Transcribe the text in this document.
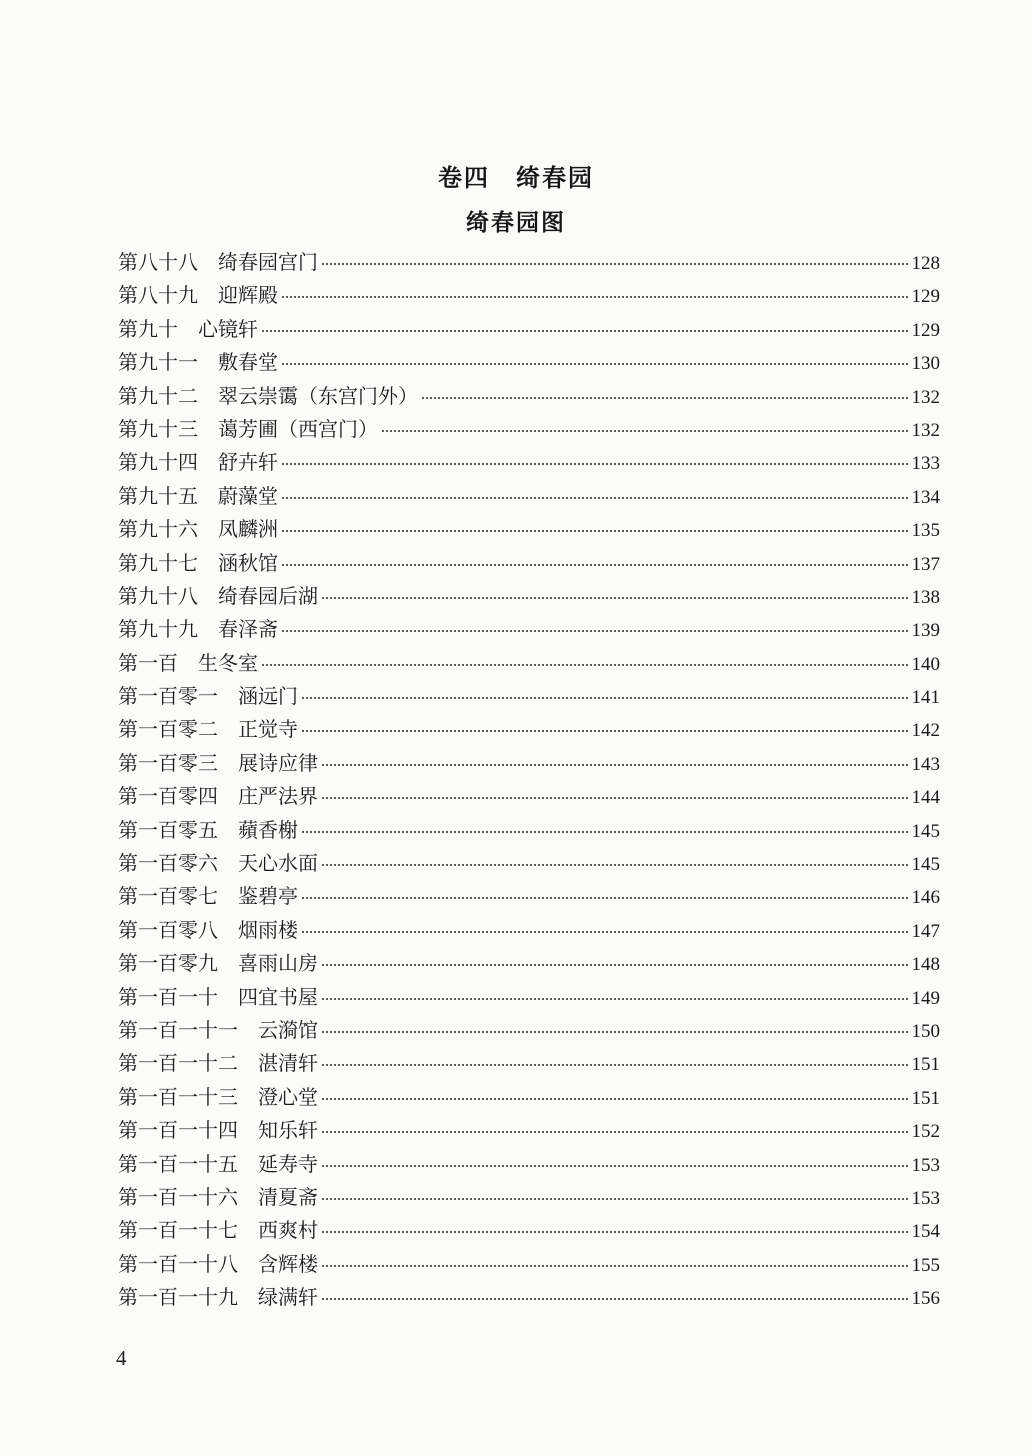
卷四 绮春园
绮春园图
第八十八 绮春园宫门	128
第八十九 迎辉殿	129
第九十 心镜轩	129
第九十一 敷春堂	130
第九十二 翠云崇霭（东宫门外）	132
第九十三 蔼芳圃（西宫门）	132
第九十四 舒卉轩	133
第九十五 蔚藻堂	134
第九十六 凤麟洲	135
第九十七 涵秋馆	137
第九十八 绮春园后湖	138
第九十九 春泽斋	139
第一百 生冬室	140
第一百零一 涵远门	141
第一百零二 正觉寺	142
第一百零三 展诗应律	143
第一百零四 庄严法界	144
第一百零五 蘋香榭	145
第一百零六 天心水面	145
第一百零七 鉴碧亭	146
第一百零八 烟雨楼	147
第一百零九 喜雨山房	148
第一百一十 四宜书屋	149
第一百一十一 云漪馆	150
第一百一十二 湛清轩	151
第一百一十三 澄心堂	151
第一百一十四 知乐轩	152
第一百一十五 延寿寺	153
第一百一十六 清夏斋	153
第一百一十七 西爽村	154
第一百一十八 含辉楼	155
第一百一十九 绿满轩	156
4
